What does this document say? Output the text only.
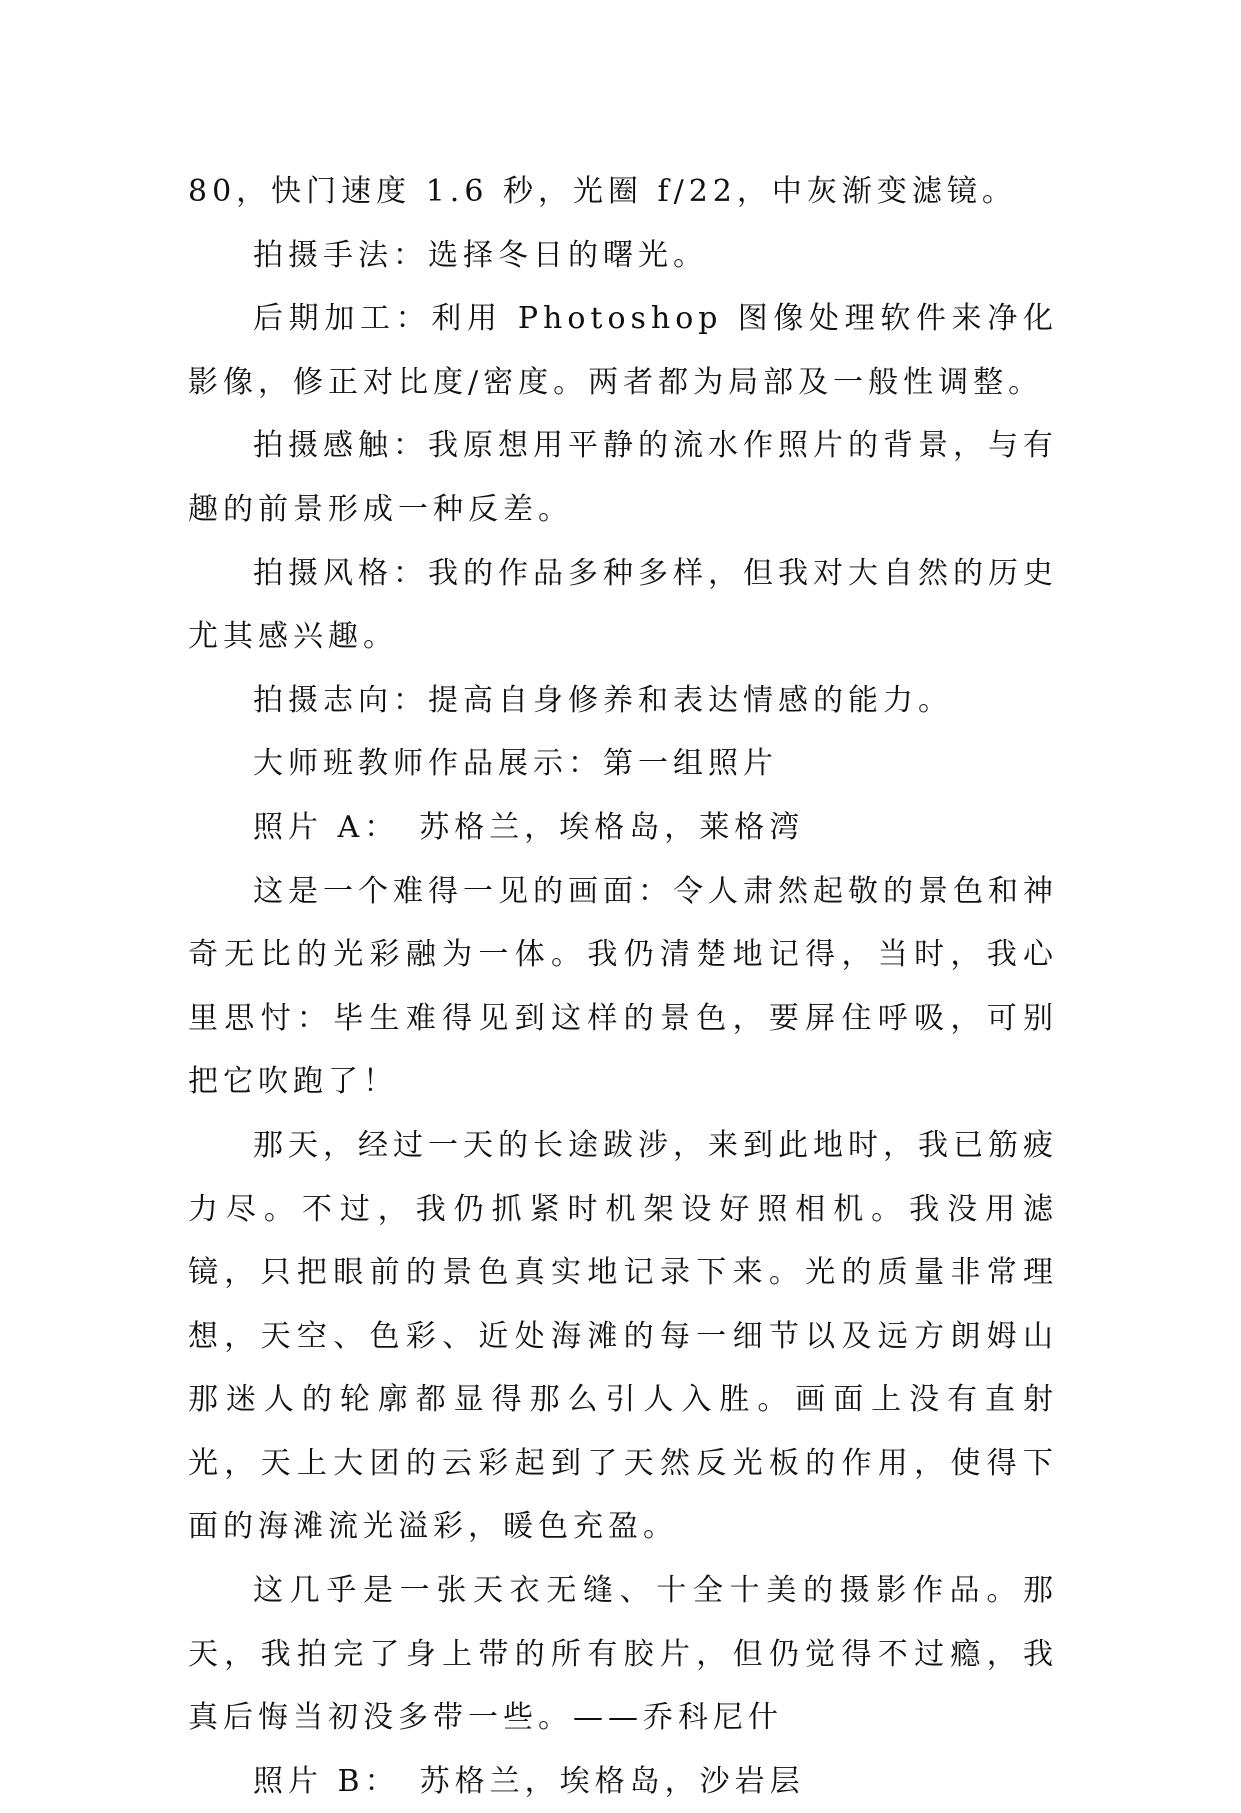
80，快门速度 1.6 秒，光圈 f/22，中灰渐变滤镜。

拍摄手法：选择冬日的曙光。

后期加工：利用 Photoshop 图像处理软件来净化影像，修正对比度/密度。两者都为局部及一般性调整。

拍摄感触：我原想用平静的流水作照片的背景，与有趣的前景形成一种反差。

拍摄风格：我的作品多种多样，但我对大自然的历史尤其感兴趣。

拍摄志向：提高自身修养和表达情感的能力。

大师班教师作品展示：第一组照片

照片 A：　苏格兰，埃格岛，莱格湾

这是一个难得一见的画面：令人肃然起敬的景色和神奇无比的光彩融为一体。我仍清楚地记得，当时，我心里思忖：毕生难得见到这样的景色，要屏住呼吸，可别把它吹跑了！

那天，经过一天的长途跋涉，来到此地时，我已筋疲力尽。不过，我仍抓紧时机架设好照相机。我没用滤镜，只把眼前的景色真实地记录下来。光的质量非常理想，天空、色彩、近处海滩的每一细节以及远方朗姆山那迷人的轮廓都显得那么引人入胜。画面上没有直射光，天上大团的云彩起到了天然反光板的作用，使得下面的海滩流光溢彩，暖色充盈。

这几乎是一张天衣无缝、十全十美的摄影作品。那天，我拍完了身上带的所有胶片，但仍觉得不过瘾，我真后悔当初没多带一些。——乔科尼什

照片 B：　苏格兰，埃格岛，沙岩层
